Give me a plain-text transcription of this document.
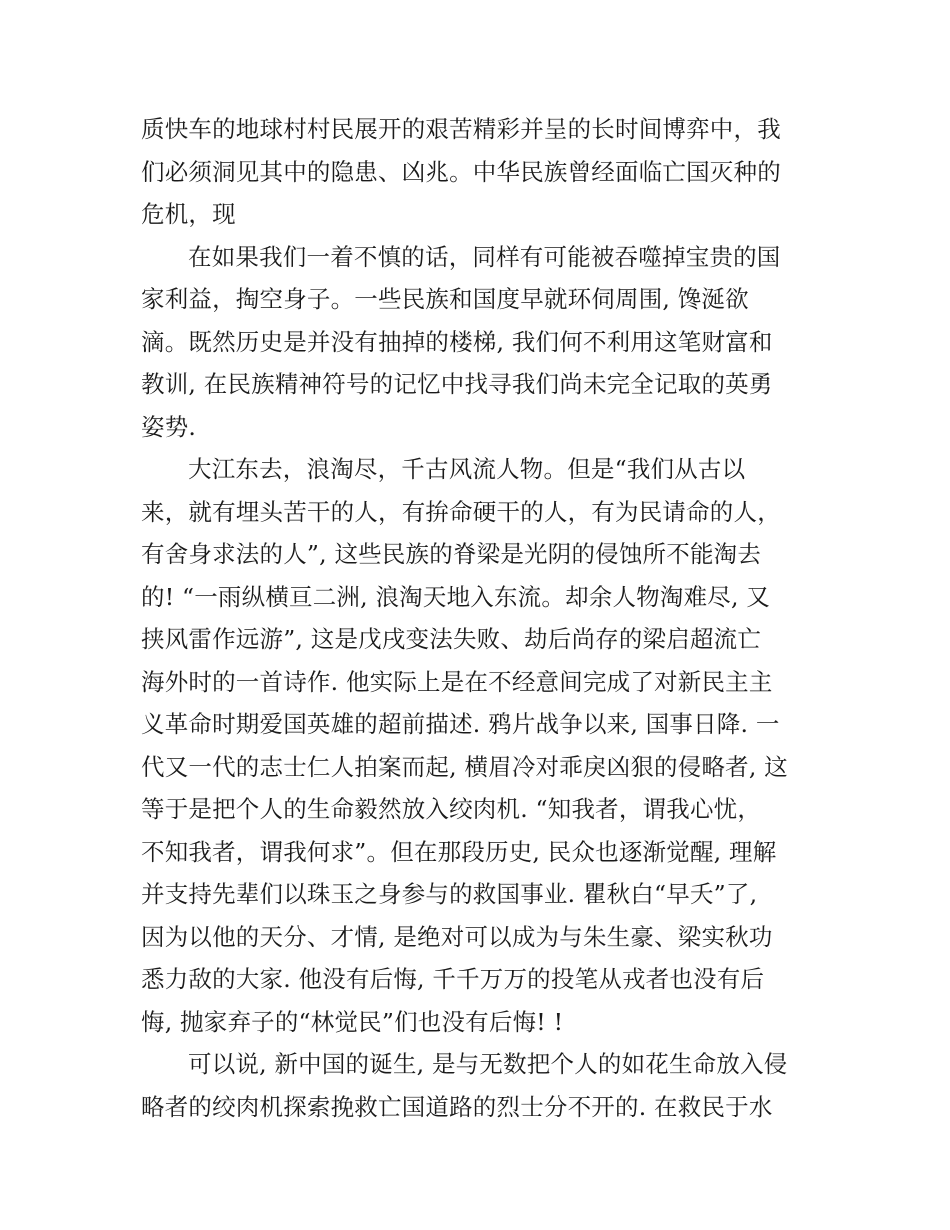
质快车的地球村村民展开的艰苦精彩并呈的长时间博弈中，我
们必须洞见其中的隐患、凶兆。中华民族曾经面临亡国灭种的
危机，现
在如果我们一着不慎的话，同样有可能被吞噬掉宝贵的国
家利益，掏空身子。一些民族和国度早就环伺周围, 馋涎欲
滴。既然历史是并没有抽掉的楼梯, 我们何不利用这笔财富和
教训, 在民族精神符号的记忆中找寻我们尚未完全记取的英勇
姿势.
大江东去，浪淘尽，千古风流人物。但是“我们从古以
来，就有埋头苦干的人，有拚命硬干的人，有为民请命的人，
有舍身求法的人”, 这些民族的脊梁是光阴的侵蚀所不能淘去
的! “一雨纵横亘二洲, 浪淘天地入东流。却余人物淘难尽, 又
挟风雷作远游”, 这是戊戌变法失败、劫后尚存的梁启超流亡
海外时的一首诗作. 他实际上是在不经意间完成了对新民主主
义革命时期爱国英雄的超前描述. 鸦片战争以来, 国事日降. 一
代又一代的志士仁人拍案而起, 横眉冷对乖戾凶狠的侵略者, 这
等于是把个人的生命毅然放入绞肉机. “知我者，谓我心忧，
不知我者，谓我何求”。但在那段历史, 民众也逐渐觉醒, 理解
并支持先辈们以珠玉之身参与的救国事业. 瞿秋白“早夭”了,
因为以他的天分、才情, 是绝对可以成为与朱生豪、梁实秋功
悉力敌的大家. 他没有后悔, 千千万万的投笔从戎者也没有后
悔, 抛家弃子的“林觉民”们也没有后悔! !
可以说, 新中国的诞生, 是与无数把个人的如花生命放入侵
略者的绞肉机探索挽救亡国道路的烈士分不开的. 在救民于水
